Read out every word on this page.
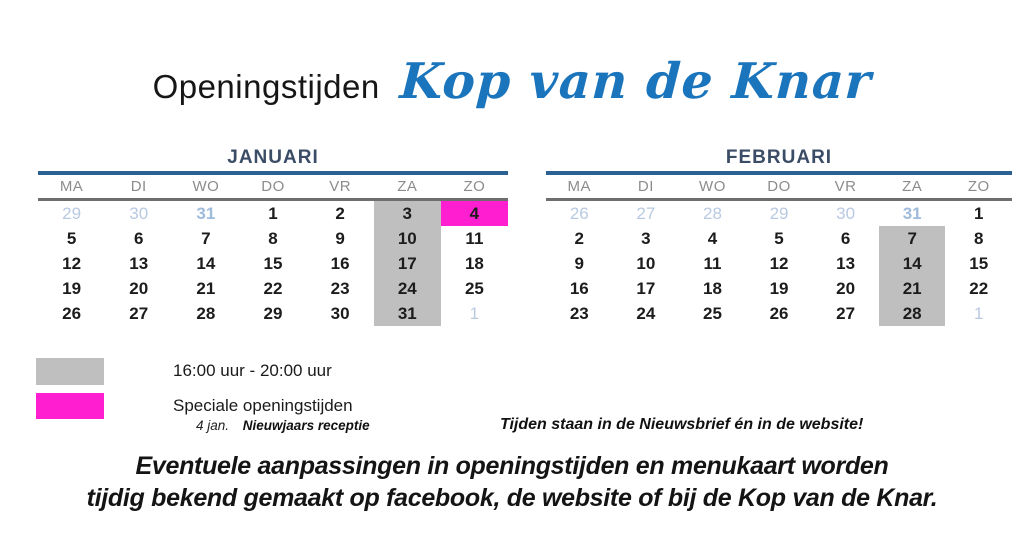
Openingstijden Kop van de Knar
JANUARI
MA	DI	WO	DO	VR	ZA	ZO
29	30	31	1	2	3	4
5	6	7	8	9	10	11
12	13	14	15	16	17	18
19	20	21	22	23	24	25
26	27	28	29	30	31	1
FEBRUARI
MA	DI	WO	DO	VR	ZA	ZO
26	27	28	29	30	31	1
2	3	4	5	6	7	8
9	10	11	12	13	14	15
16	17	18	19	20	21	22
23	24	25	26	27	28	1
16:00 uur - 20:00 uur
Speciale openingstijden
4 jan. Nieuwjaars receptie	Tijden staan in de Nieuwsbrief én in de website!
Eventuele aanpassingen in openingstijden en menukaart worden
tijdig bekend gemaakt op facebook, de website of bij de Kop van de Knar.
